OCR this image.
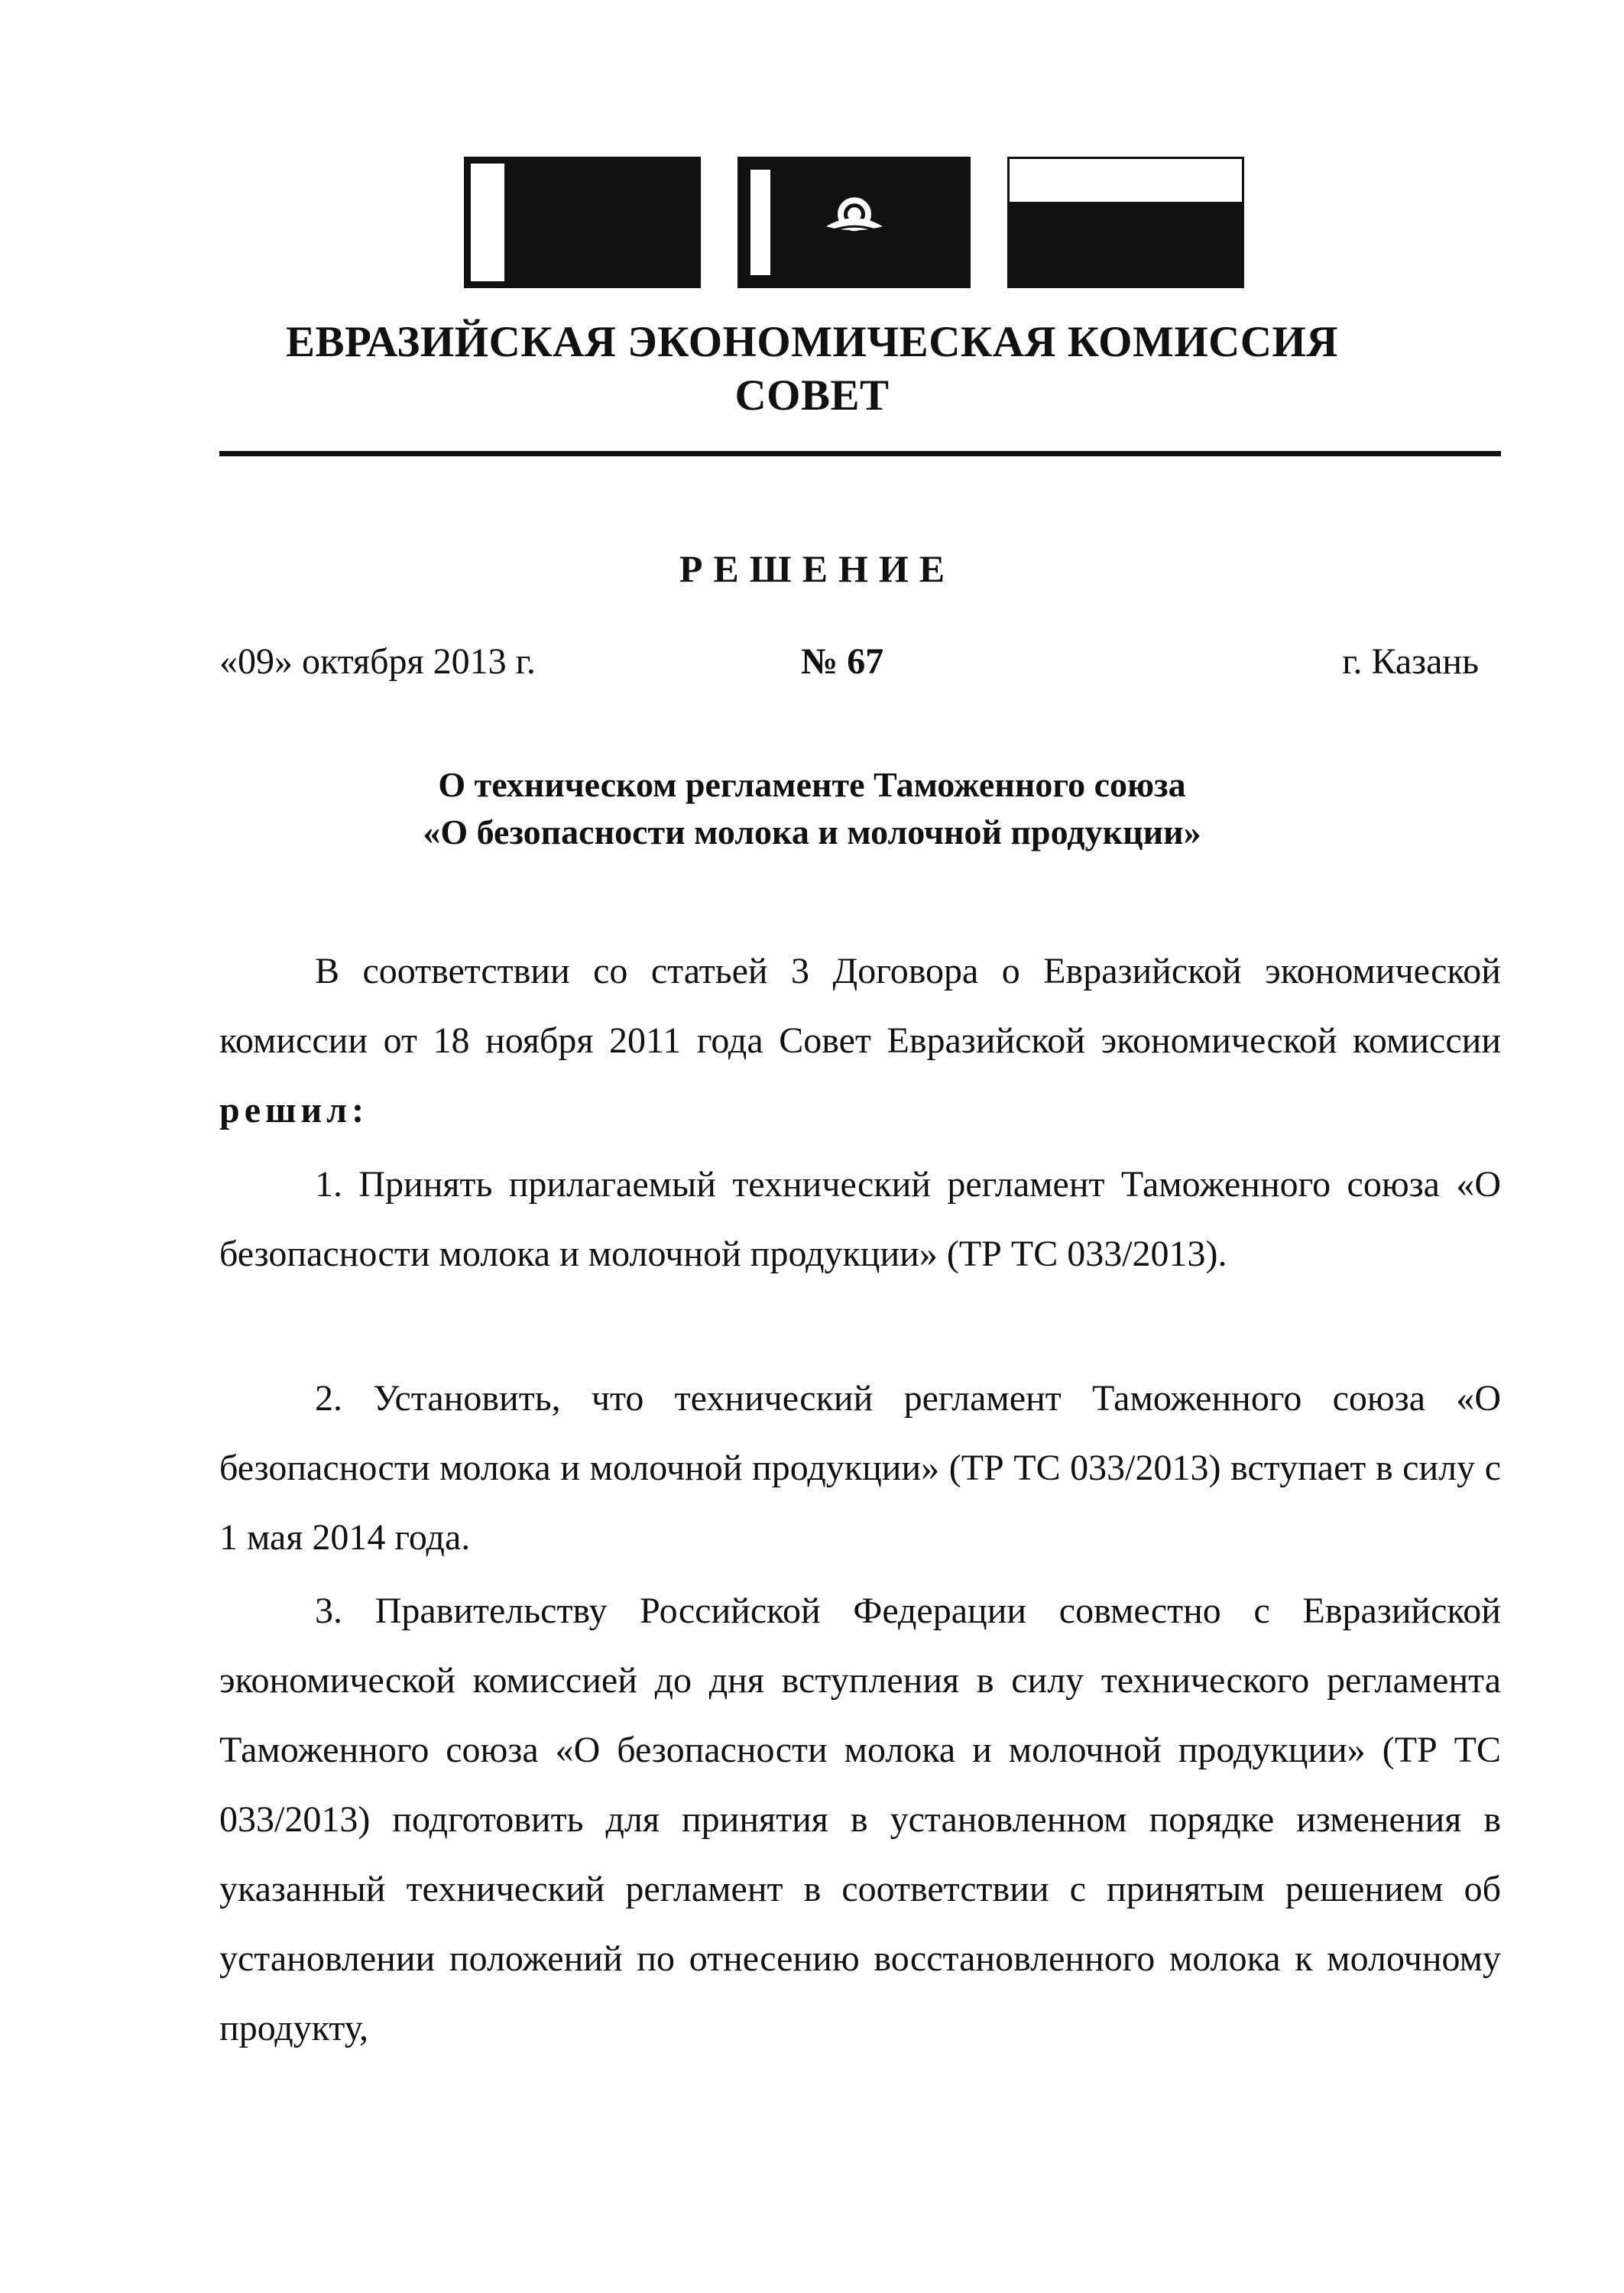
ЕВРАЗИЙСКАЯ ЭКОНОМИЧЕСКАЯ КОМИССИЯ
СОВЕТ
РЕШЕНИЕ
«09» октября 2013 г.	№ 67	г. Казань
О техническом регламенте Таможенного союза
«О безопасности молока и молочной продукции»
В соответствии со статьей 3 Договора о Евразийской экономической комиссии от 18 ноября 2011 года Совет Евразийской экономической комиссии решил:
1. Принять прилагаемый технический регламент Таможенного союза «О безопасности молока и молочной продукции» (ТР ТС 033/2013).
2. Установить, что технический регламент Таможенного союза «О безопасности молока и молочной продукции» (ТР ТС 033/2013) вступает в силу с 1 мая 2014 года.
3. Правительству Российской Федерации совместно с Евразийской экономической комиссией до дня вступления в силу технического регламента Таможенного союза «О безопасности молока и молочной продукции» (ТР ТС 033/2013) подготовить для принятия в установленном порядке изменения в указанный технический регламент в соответствии с принятым решением об установлении положений по отнесению восстановленного молока к молочному продукту,
